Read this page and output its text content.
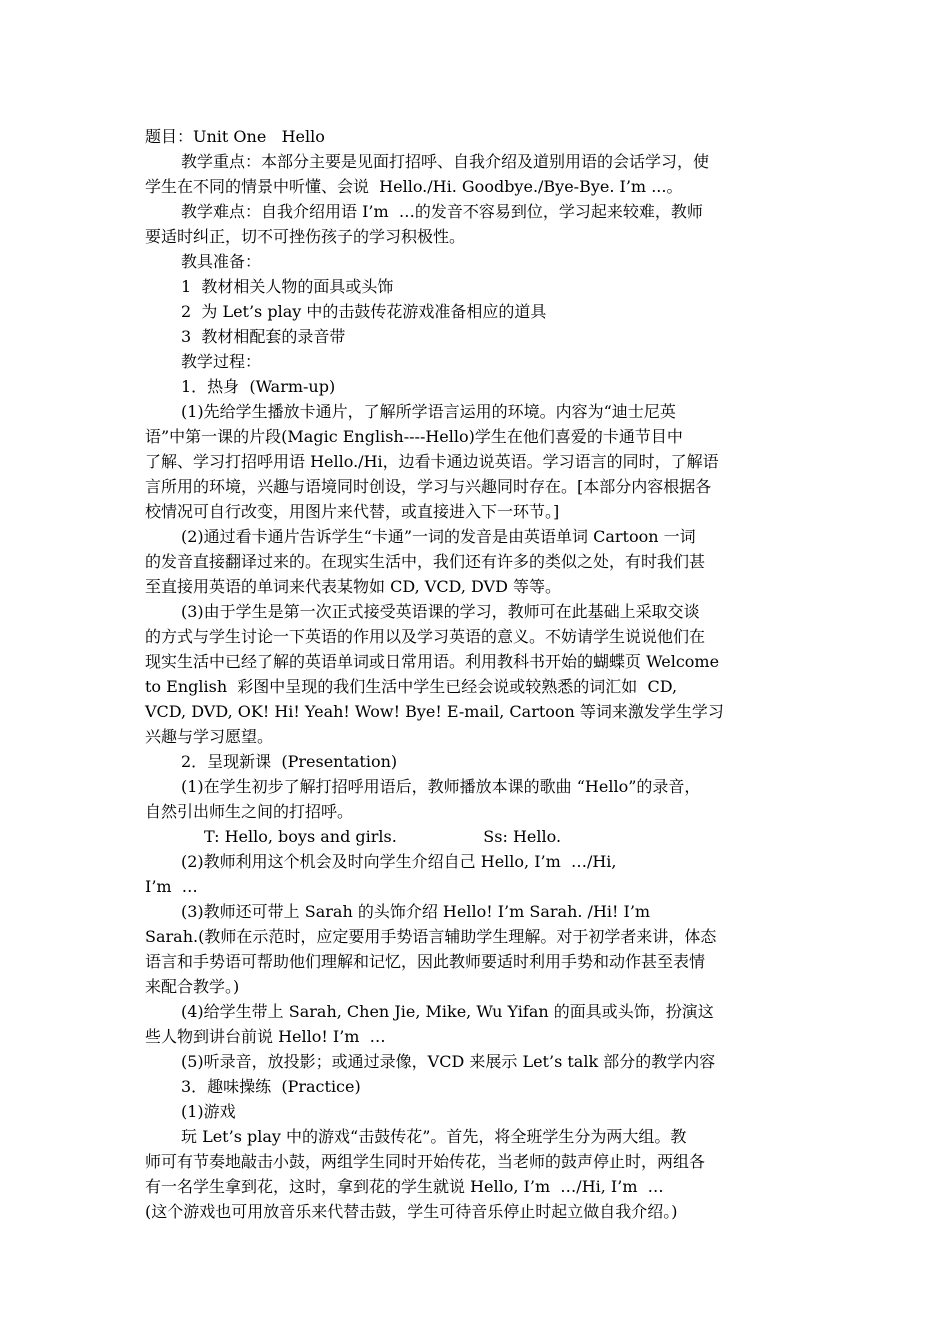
题目：Unit One   Hello
教学重点：本部分主要是见面打招呼、自我介绍及道别用语的会话学习，使
学生在不同的情景中听懂、会说  Hello./Hi. Goodbye./Bye-Bye. I’m ...。
教学难点：自我介绍用语 I’m  …的发音不容易到位，学习起来较难，教师
要适时纠正，切不可挫伤孩子的学习积极性。
教具准备：
1  教材相关人物的面具或头饰
2  为 Let’s play 中的击鼓传花游戏准备相应的道具
3  教材相配套的录音带
教学过程：
1．热身  (Warm-up)
(1)先给学生播放卡通片，了解所学语言运用的环境。内容为“迪士尼英
语”中第一课的片段(Magic English----Hello)学生在他们喜爱的卡通节目中
了解、学习打招呼用语 Hello./Hi，边看卡通边说英语。学习语言的同时，了解语
言所用的环境，兴趣与语境同时创设，学习与兴趣同时存在。[本部分内容根据各
校情况可自行改变，用图片来代替，或直接进入下一环节。]
(2)通过看卡通片告诉学生“卡通”一词的发音是由英语单词 Cartoon 一词
的发音直接翻译过来的。在现实生活中，我们还有许多的类似之处，有时我们甚
至直接用英语的单词来代表某物如 CD, VCD, DVD 等等。
(3)由于学生是第一次正式接受英语课的学习，教师可在此基础上采取交谈
的方式与学生讨论一下英语的作用以及学习英语的意义。不妨请学生说说他们在
现实生活中已经了解的英语单词或日常用语。利用教科书开始的蝴蝶页 Welcome
to English  彩图中呈现的我们生活中学生已经会说或较熟悉的词汇如  CD,
VCD, DVD, OK! Hi! Yeah! Wow! Bye! E-mail, Cartoon 等词来激发学生学习
兴趣与学习愿望。
2．呈现新课  (Presentation)
(1)在学生初步了解打招呼用语后，教师播放本课的歌曲 “Hello”的录音，
自然引出师生之间的打招呼。
T: Hello, boys and girls.                 Ss: Hello.
(2)教师利用这个机会及时向学生介绍自己 Hello, I’m  …/Hi,
I’m  …
(3)教师还可带上 Sarah 的头饰介绍 Hello! I’m Sarah. /Hi! I’m
Sarah.(教师在示范时，应定要用手势语言辅助学生理解。对于初学者来讲，体态
语言和手势语可帮助他们理解和记忆，因此教师要适时利用手势和动作甚至表情
来配合教学。)
(4)给学生带上 Sarah, Chen Jie, Mike, Wu Yifan 的面具或头饰，扮演这
些人物到讲台前说 Hello! I’m  …
(5)听录音，放投影；或通过录像，VCD 来展示 Let’s talk 部分的教学内容
3．趣味操练  (Practice)
(1)游戏
玩 Let’s play 中的游戏“击鼓传花”。首先，将全班学生分为两大组。教
师可有节奏地敲击小鼓，两组学生同时开始传花，当老师的鼓声停止时，两组各
有一名学生拿到花，这时，拿到花的学生就说 Hello, I’m  …/Hi, I’m  …
(这个游戏也可用放音乐来代替击鼓，学生可待音乐停止时起立做自我介绍。)
